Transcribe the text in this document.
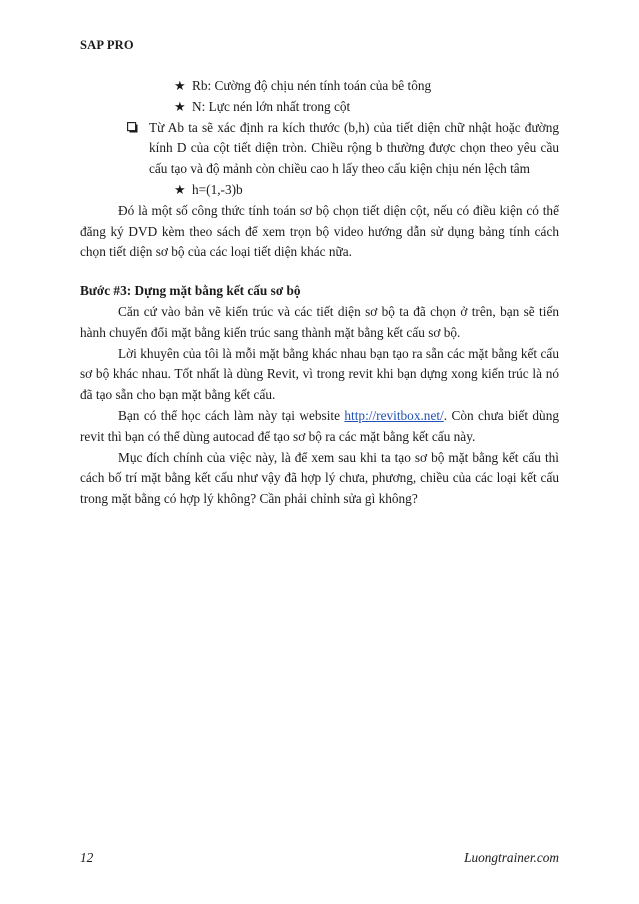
SAP PRO
★ Rb: Cường độ chịu nén tính toán của bê tông
★ N: Lực nén lớn nhất trong cột
Từ Ab ta sẽ xác định ra kích thước (b,h) của tiết diện chữ nhật hoặc đường kính D của cột tiết diện tròn. Chiều rộng b thường được chọn theo yêu cầu cấu tạo và độ mảnh còn chiều cao h lấy theo cấu kiện chịu nén lệch tâm
★ h=(1,-3)b

Đó là một số công thức tính toán sơ bộ chọn tiết diện cột, nếu có điều kiện có thể đăng ký DVD kèm theo sách để xem trọn bộ video hướng dẫn sử dụng bảng tính cách chọn tiết diện sơ bộ của các loại tiết diện khác nữa.

Bước #3: Dựng mặt bằng kết cấu sơ bộ

Căn cứ vào bản vẽ kiến trúc và các tiết diện sơ bộ ta đã chọn ở trên, bạn sẽ tiến hành chuyển đổi mặt bằng kiến trúc sang thành mặt bằng kết cấu sơ bộ.

Lời khuyên của tôi là mỗi mặt bằng khác nhau bạn tạo ra sẵn các mặt bằng kết cấu sơ bộ khác nhau. Tốt nhất là dùng Revit, vì trong revit khi bạn dựng xong kiến trúc là nó đã tạo sẵn cho bạn mặt bằng kết cấu.

Bạn có thể học cách làm này tại website http://revitbox.net/. Còn chưa biết dùng revit thì bạn có thể dùng autocad để tạo sơ bộ ra các mặt bằng kết cấu này.

Mục đích chính của việc này, là để xem sau khi ta tạo sơ bộ mặt bằng kết cấu thì cách bố trí mặt bằng kết cấu như vậy đã hợp lý chưa, phương, chiều của các loại kết cấu trong mặt bằng có hợp lý không? Cần phải chỉnh sửa gì không?

12	Luongtrainer.com
